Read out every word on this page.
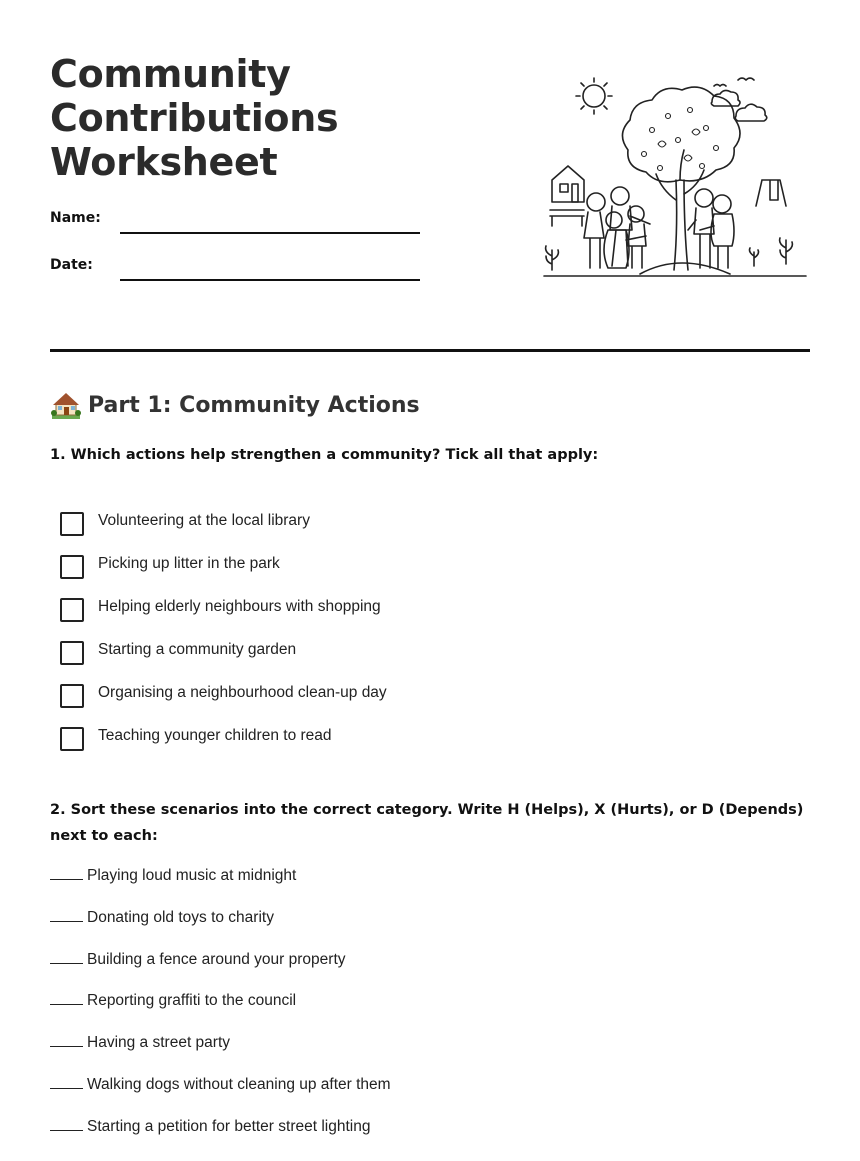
Community
Contributions
Worksheet
Name:
Date:
Part 1: Community Actions
1. Which actions help strengthen a community? Tick all that apply:
Volunteering at the local library
Picking up litter in the park
Helping elderly neighbours with shopping
Starting a community garden
Organising a neighbourhood clean-up day
Teaching younger children to read
2. Sort these scenarios into the correct category. Write H (Helps), X (Hurts), or D (Depends) next to each:
Playing loud music at midnight
Donating old toys to charity
Building a fence around your property
Reporting graffiti to the council
Having a street party
Walking dogs without cleaning up after them
Starting a petition for better street lighting
